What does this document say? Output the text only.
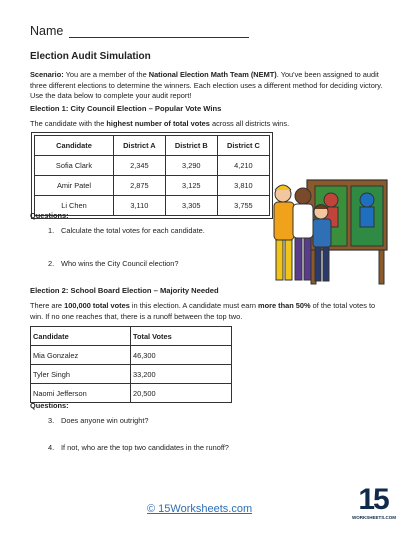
Name
Election Audit Simulation
Scenario: You are a member of the National Election Math Team (NEMT). You've been assigned to audit three different elections to determine the winners. Each election uses a different method for deciding victory. Use the data below to complete your audit report!
Election 1: City Council Election – Popular Vote Wins
The candidate with the highest number of total votes across all districts wins.
Candidate	District A	District B	District C
Sofia Clark	2,345	3,290	4,210
Amir Patel	2,875	3,125	3,810
Li Chen	3,110	3,305	3,755
Questions:
1. Calculate the total votes for each candidate.
2. Who wins the City Council election?
Election 2: School Board Election – Majority Needed
There are 100,000 total votes in this election. A candidate must earn more than 50% of the total votes to win. If no one reaches that, there is a runoff between the top two.
Candidate	Total Votes
Mia Gonzalez	46,300
Tyler Singh	33,200
Naomi Jefferson	20,500
Questions:
3. Does anyone win outright?
4. If not, who are the top two candidates in the runoff?
© 15Worksheets.com	15
WORKSHEETS.COM
